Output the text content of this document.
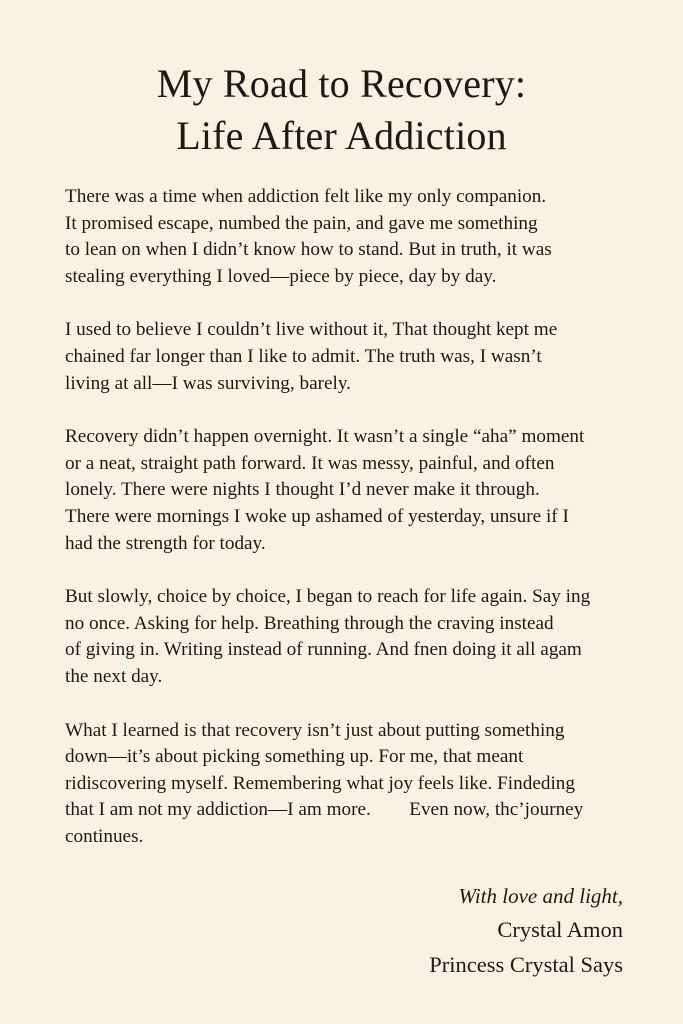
My Road to Recovery:
Life After Addiction

There was a time when addiction felt like my only companion.
It promised escape, numbed the pain, and gave me something
to lean on when I didn’t know how to stand. But in truth, it was
stealing everything I loved—piece by piece, day by day.

I used to believe I couldn’t live without it, That thought kept me
chained far longer than I like to admit. The truth was, I wasn’t
living at all—I was surviving, barely.

Recovery didn’t happen overnight. It wasn’t a single “aha” moment
or a neat, straight path forward. It was messy, painful, and often
lonely. There were nights I thought I’d never make it through.
There were mornings I woke up ashamed of yesterday, unsure if I
had the strength for today.

But slowly, choice by choice, I began to reach for life again. Say ing
no once. Asking for help. Breathing through the craving instead
of giving in. Writing instead of running. And fnen doing it all agam
the next day.

What I learned is that recovery isn’t just about putting something
down—it’s about picking something up. For me, that meant
ridiscovering myself. Remembering what joy feels like. Findeding
that I am not my addiction—I am more.        Even now, thc’journey
continues.

With love and light,
Crystal Amon
Princess Crystal Says
